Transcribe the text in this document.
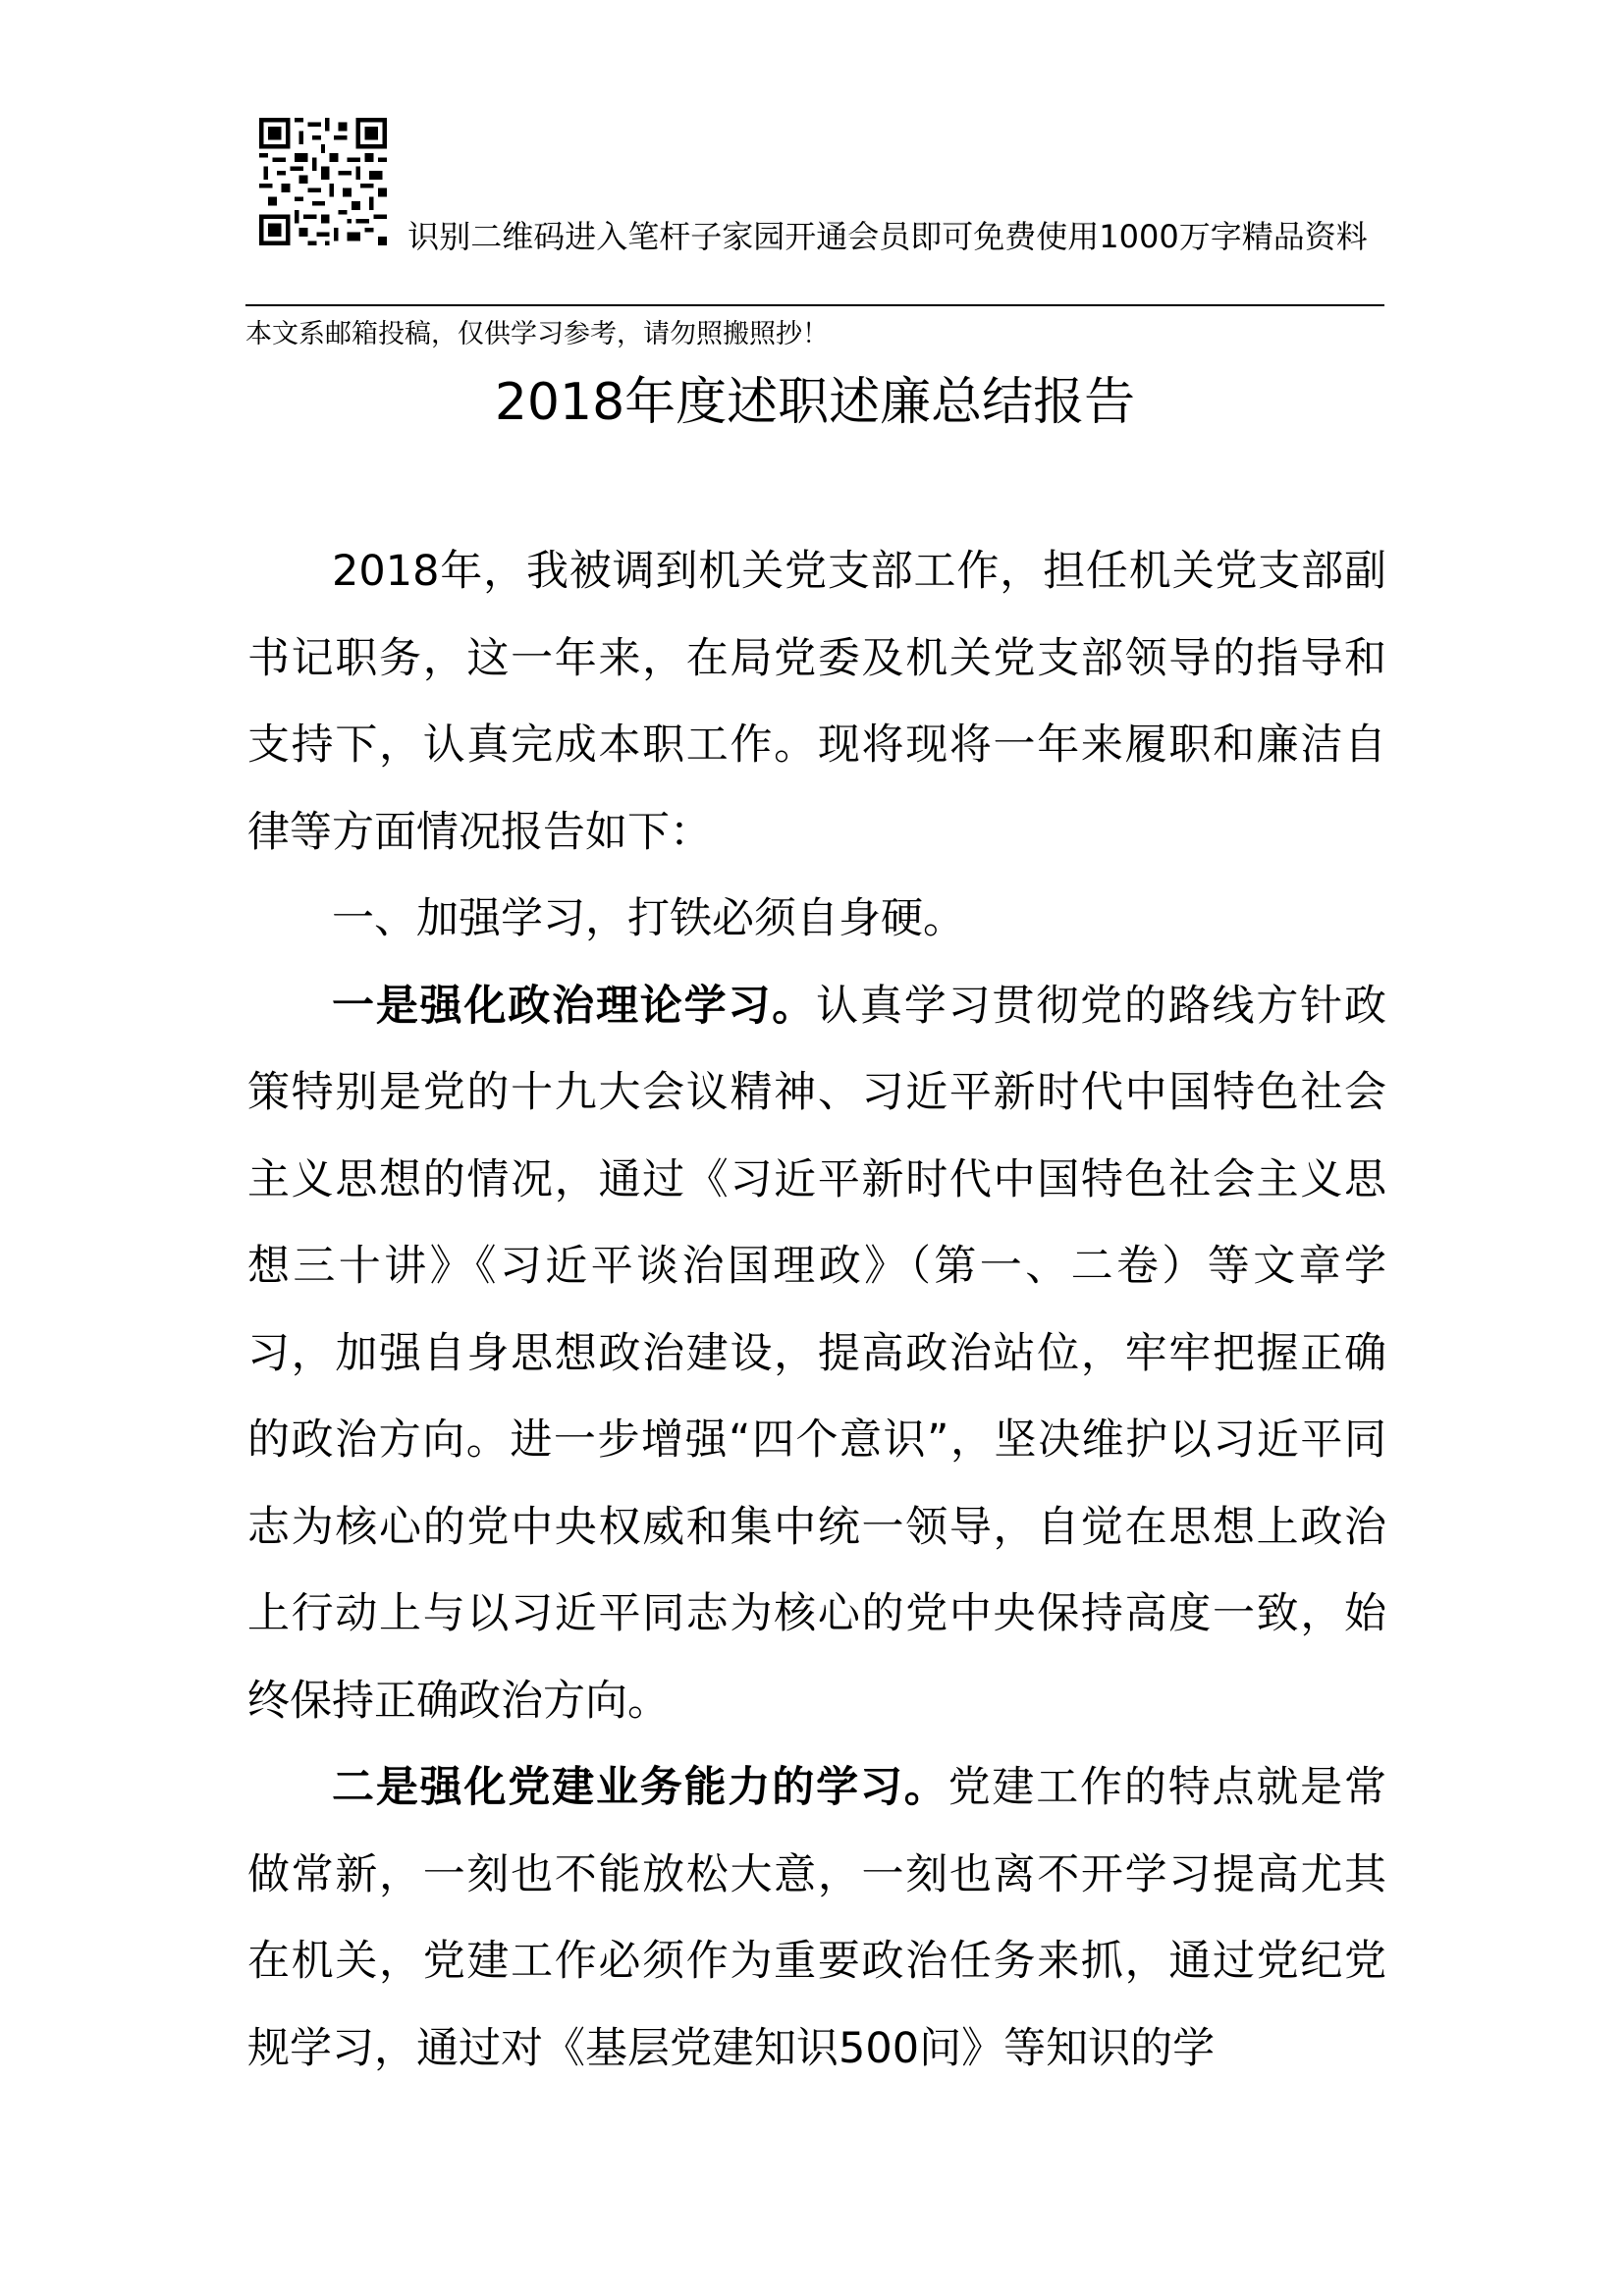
识别二维码进入笔杆子家园开通会员即可免费使用1000万字精品资料
本文系邮箱投稿，仅供学习参考，请勿照搬照抄！
2018年度述职述廉总结报告

2018年，我被调到机关党支部工作，担任机关党支部副书记职务，这一年来，在局党委及机关党支部领导的指导和支持下，认真完成本职工作。现将现将一年来履职和廉洁自律等方面情况报告如下：

一、加强学习，打铁必须自身硬。

一是强化政治理论学习。认真学习贯彻党的路线方针政策特别是党的十九大会议精神、习近平新时代中国特色社会主义思想的情况，通过《习近平新时代中国特色社会主义思想三十讲》《习近平谈治国理政》（第一、二卷）等文章学习，加强自身思想政治建设，提高政治站位，牢牢把握正确的政治方向。进一步增强“四个意识”，坚决维护以习近平同志为核心的党中央权威和集中统一领导，自觉在思想上政治上行动上与以习近平同志为核心的党中央保持高度一致，始终保持正确政治方向。

二是强化党建业务能力的学习。党建工作的特点就是常做常新，一刻也不能放松大意，一刻也离不开学习提高尤其在机关，党建工作必须作为重要政治任务来抓，通过党纪党规学习，通过对《基层党建知识500问》等知识的学
